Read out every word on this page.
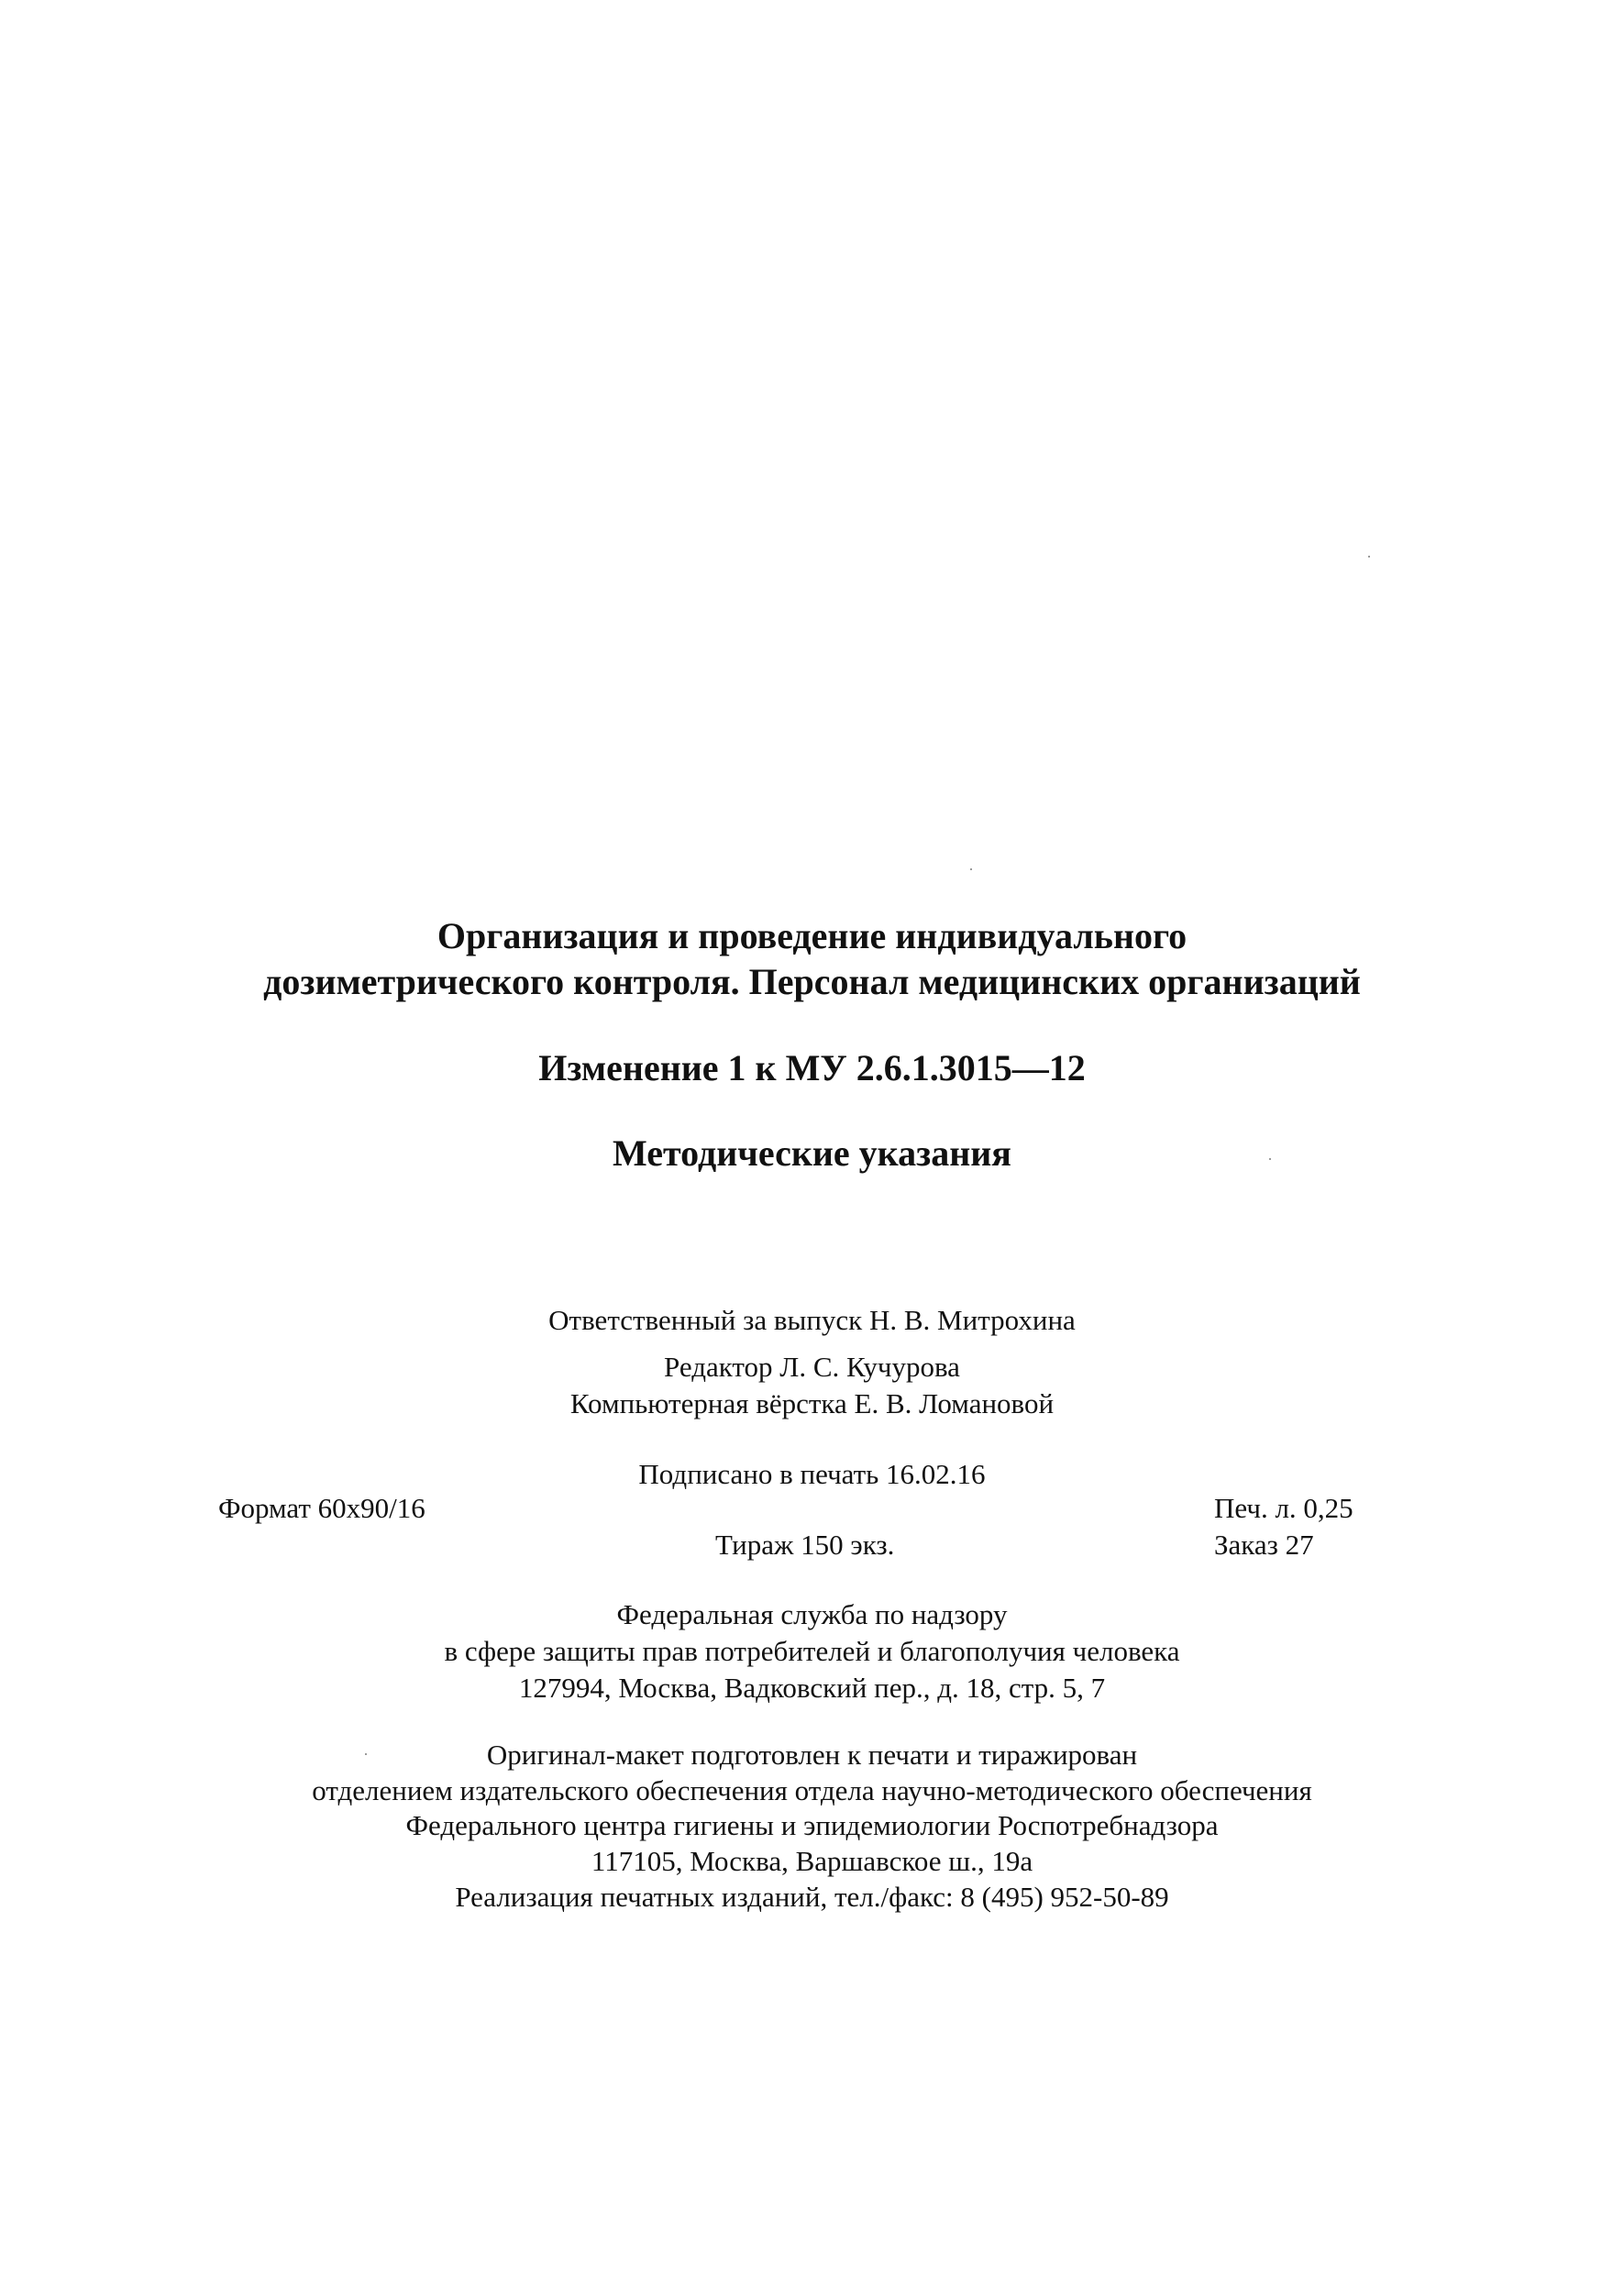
Организация и проведение индивидуального
дозиметрического контроля. Персонал медицинских организаций
Изменение 1 к МУ 2.6.1.3015—12
Методические указания
Ответственный за выпуск Н. В. Митрохина
Редактор Л. С. Кучурова
Компьютерная вёрстка Е. В. Ломановой
Подписано в печать 16.02.16
Формат 60x90/16	Печ. л. 0,25
Тираж 150 экз.	Заказ 27
Федеральная служба по надзору
в сфере защиты прав потребителей и благополучия человека
127994, Москва, Вадковский пер., д. 18, стр. 5, 7
Оригинал-макет подготовлен к печати и тиражирован
отделением издательского обеспечения отдела научно-методического обеспечения
Федерального центра гигиены и эпидемиологии Роспотребнадзора
117105, Москва, Варшавское ш., 19а
Реализация печатных изданий, тел./факс: 8 (495) 952-50-89
